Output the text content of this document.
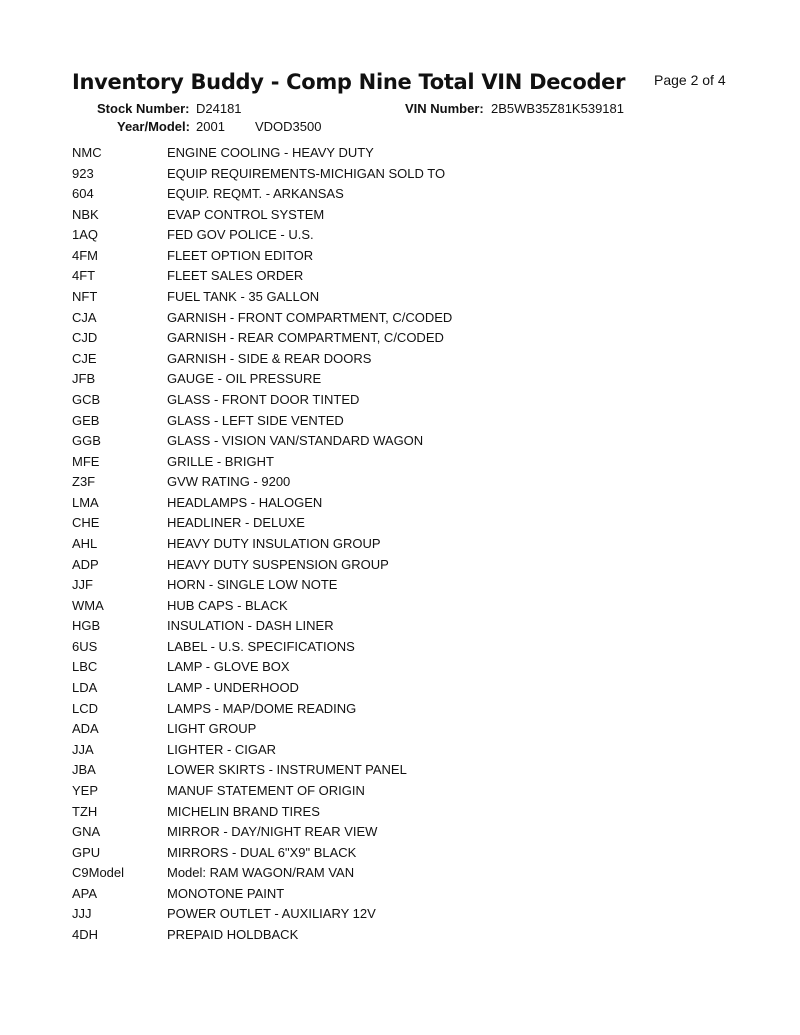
Inventory Buddy - Comp Nine Total VIN Decoder Page 2 of 4
Stock Number: D24181	VIN Number: 2B5WB35Z81K539181
Year/Model: 2001 VDOD3500
NMC	ENGINE COOLING - HEAVY DUTY
923	EQUIP REQUIREMENTS-MICHIGAN SOLD TO
604	EQUIP. REQMT. - ARKANSAS
NBK	EVAP CONTROL SYSTEM
1AQ	FED GOV POLICE - U.S.
4FM	FLEET OPTION EDITOR
4FT	FLEET SALES ORDER
NFT	FUEL TANK - 35 GALLON
CJA	GARNISH - FRONT COMPARTMENT, C/CODED
CJD	GARNISH - REAR COMPARTMENT, C/CODED
CJE	GARNISH - SIDE & REAR DOORS
JFB	GAUGE - OIL PRESSURE
GCB	GLASS - FRONT DOOR TINTED
GEB	GLASS - LEFT SIDE VENTED
GGB	GLASS - VISION VAN/STANDARD WAGON
MFE	GRILLE - BRIGHT
Z3F	GVW RATING - 9200
LMA	HEADLAMPS - HALOGEN
CHE	HEADLINER - DELUXE
AHL	HEAVY DUTY INSULATION GROUP
ADP	HEAVY DUTY SUSPENSION GROUP
JJF	HORN - SINGLE LOW NOTE
WMA	HUB CAPS - BLACK
HGB	INSULATION - DASH LINER
6US	LABEL - U.S. SPECIFICATIONS
LBC	LAMP - GLOVE BOX
LDA	LAMP - UNDERHOOD
LCD	LAMPS - MAP/DOME READING
ADA	LIGHT GROUP
JJA	LIGHTER - CIGAR
JBA	LOWER SKIRTS - INSTRUMENT PANEL
YEP	MANUF STATEMENT OF ORIGIN
TZH	MICHELIN BRAND TIRES
GNA	MIRROR - DAY/NIGHT REAR VIEW
GPU	MIRRORS - DUAL 6"X9" BLACK
C9Model	Model: RAM WAGON/RAM VAN
APA	MONOTONE PAINT
JJJ	POWER OUTLET - AUXILIARY 12V
4DH	PREPAID HOLDBACK
